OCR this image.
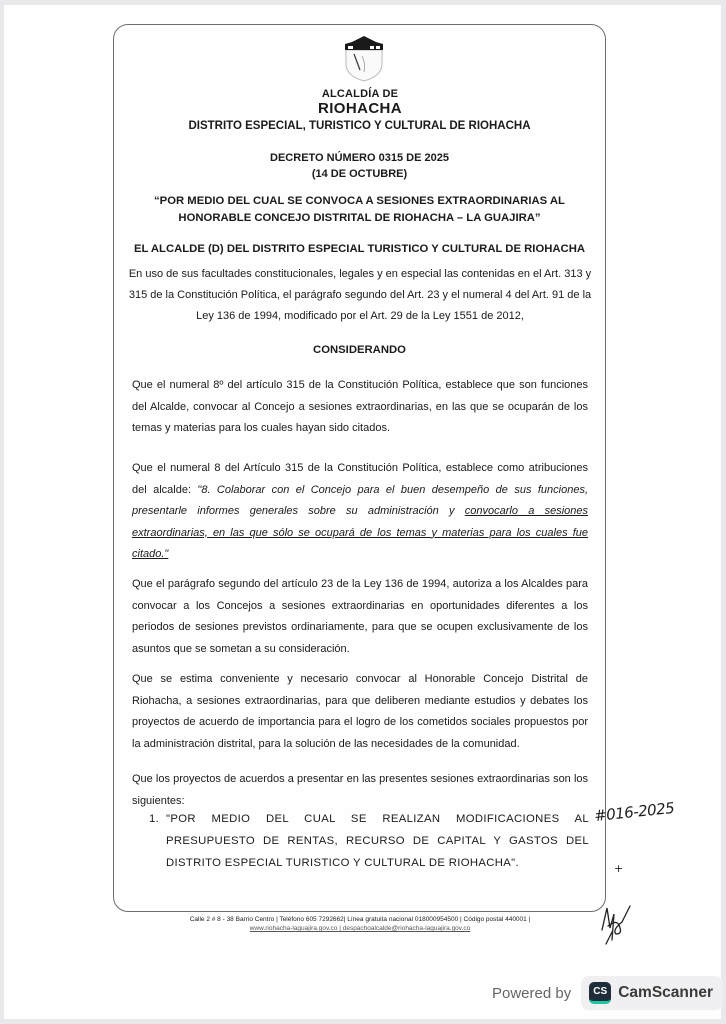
ALCALDÍA DE
RIOHACHA
DISTRITO ESPECIAL, TURISTICO Y CULTURAL DE RIOHACHA
DECRETO NÚMERO 0315 DE 2025
(14 DE OCTUBRE)
“POR MEDIO DEL CUAL SE CONVOCA A SESIONES EXTRAORDINARIAS AL
HONORABLE CONCEJO DISTRITAL DE RIOHACHA – LA GUAJIRA”
EL ALCALDE (D) DEL DISTRITO ESPECIAL TURISTICO Y CULTURAL DE RIOHACHA
En uso de sus facultades constitucionales, legales y en especial las contenidas en el Art. 313 y 315 de la Constitución Política, el parágrafo segundo del Art. 23 y el numeral 4 del Art. 91 de la Ley 136 de 1994, modificado por el Art. 29 de la Ley 1551 de 2012,
CONSIDERANDO
Que el numeral 8º del artículo 315 de la Constitución Política, establece que son funciones del Alcalde, convocar al Concejo a sesiones extraordinarias, en las que se ocuparán de los temas y materias para los cuales hayan sido citados.
Que el numeral 8 del Artículo 315 de la Constitución Política, establece como atribuciones del alcalde: "8. Colaborar con el Concejo para el buen desempeño de sus funciones, presentarle informes generales sobre su administración y convocarlo a sesiones extraordinarias, en las que sólo se ocupará de los temas y materias para los cuales fue citado."
Que el parágrafo segundo del artículo 23 de la Ley 136 de 1994, autoriza a los Alcaldes para convocar a los Concejos a sesiones extraordinarias en oportunidades diferentes a los periodos de sesiones previstos ordinariamente, para que se ocupen exclusivamente de los asuntos que se sometan a su consideración.
Que se estima conveniente y necesario convocar al Honorable Concejo Distrital de Riohacha, a sesiones extraordinarias, para que deliberen mediante estudios y debates los proyectos de acuerdo de importancia para el logro de los cometidos sociales propuestos por la administración distrital, para la solución de las necesidades de la comunidad.
Que los proyectos de acuerdos a presentar en las presentes sesiones extraordinarias son los siguientes:
1. "POR MEDIO DEL CUAL SE REALIZAN MODIFICACIONES AL PRESUPUESTO DE RENTAS, RECURSO DE CAPITAL Y GASTOS DEL DISTRITO ESPECIAL TURISTICO Y CULTURAL DE RIOHACHA".
#016-2025
+
Calle 2 # 8 - 38 Barrio Centro | Teléfono 605 7292662| Línea gratuita nacional 018000954500 | Código postal 440001 |
www.riohacha-laguajira.gov.co | despachoalcalde@riohacha-laguajira.gov.co
Powered by	CS CamScanner
